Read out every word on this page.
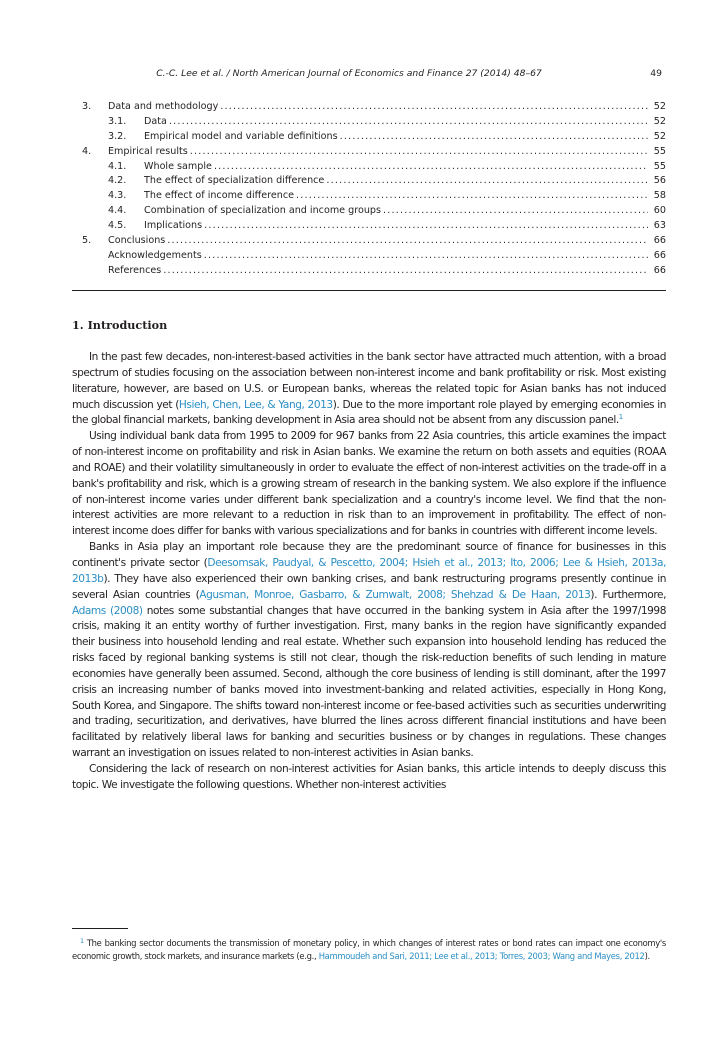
C.-C. Lee et al. / North American Journal of Economics and Finance 27 (2014) 48–67	49
3.	Data and methodology .....	52
3.1.	Data .....	52
3.2.	Empirical model and variable definitions .....	52
4.	Empirical results .....	55
4.1.	Whole sample .....	55
4.2.	The effect of specialization difference .....	56
4.3.	The effect of income difference .....	58
4.4.	Combination of specialization and income groups .....	60
4.5.	Implications .....	63
5.	Conclusions .....	66
Acknowledgements .....	66
References .....	66
1. Introduction

In the past few decades, non-interest-based activities in the bank sector have attracted much attention, with a broad spectrum of studies focusing on the association between non-interest income and bank profitability or risk. Most existing literature, however, are based on U.S. or European banks, whereas the related topic for Asian banks has not induced much discussion yet (Hsieh, Chen, Lee, & Yang, 2013). Due to the more important role played by emerging economies in the global financial markets, banking development in Asia area should not be absent from any discussion panel.$^1$

Using individual bank data from 1995 to 2009 for 967 banks from 22 Asia countries, this article examines the impact of non-interest income on profitability and risk in Asian banks. We examine the return on both assets and equities (ROAA and ROAE) and their volatility simultaneously in order to evaluate the effect of non-interest activities on the trade-off in a bank's profitability and risk, which is a growing stream of research in the banking system. We also explore if the influence of non-interest income varies under different bank specialization and a country's income level. We find that the non-interest activities are more relevant to a reduction in risk than to an improvement in profitability. The effect of non-interest income does differ for banks with various specializations and for banks in countries with different income levels.

Banks in Asia play an important role because they are the predominant source of finance for businesses in this continent's private sector (Deesomsak, Paudyal, & Pescetto, 2004; Hsieh et al., 2013; Ito, 2006; Lee & Hsieh, 2013a, 2013b). They have also experienced their own banking crises, and bank restructuring programs presently continue in several Asian countries (Agusman, Monroe, Gasbarro, & Zumwalt, 2008; Shehzad & De Haan, 2013). Furthermore, Adams (2008) notes some substantial changes that have occurred in the banking system in Asia after the 1997/1998 crisis, making it an entity worthy of further investigation. First, many banks in the region have significantly expanded their business into household lending and real estate. Whether such expansion into household lending has reduced the risks faced by regional banking systems is still not clear, though the risk-reduction benefits of such lending in mature economies have generally been assumed. Second, although the core business of lending is still dominant, after the 1997 crisis an increasing number of banks moved into investment-banking and related activities, especially in Hong Kong, South Korea, and Singapore. The shifts toward non-interest income or fee-based activities such as securities underwriting and trading, securitization, and derivatives, have blurred the lines across different financial institutions and have been facilitated by relatively liberal laws for banking and securities business or by changes in regulations. These changes warrant an investigation on issues related to non-interest activities in Asian banks.

Considering the lack of research on non-interest activities for Asian banks, this article intends to deeply discuss this topic. We investigate the following questions. Whether non-interest activities

$^1$ The banking sector documents the transmission of monetary policy, in which changes of interest rates or bond rates can impact one economy's economic growth, stock markets, and insurance markets (e.g., Hammoudeh and Sari, 2011; Lee et al., 2013; Torres, 2003; Wang and Mayes, 2012).
